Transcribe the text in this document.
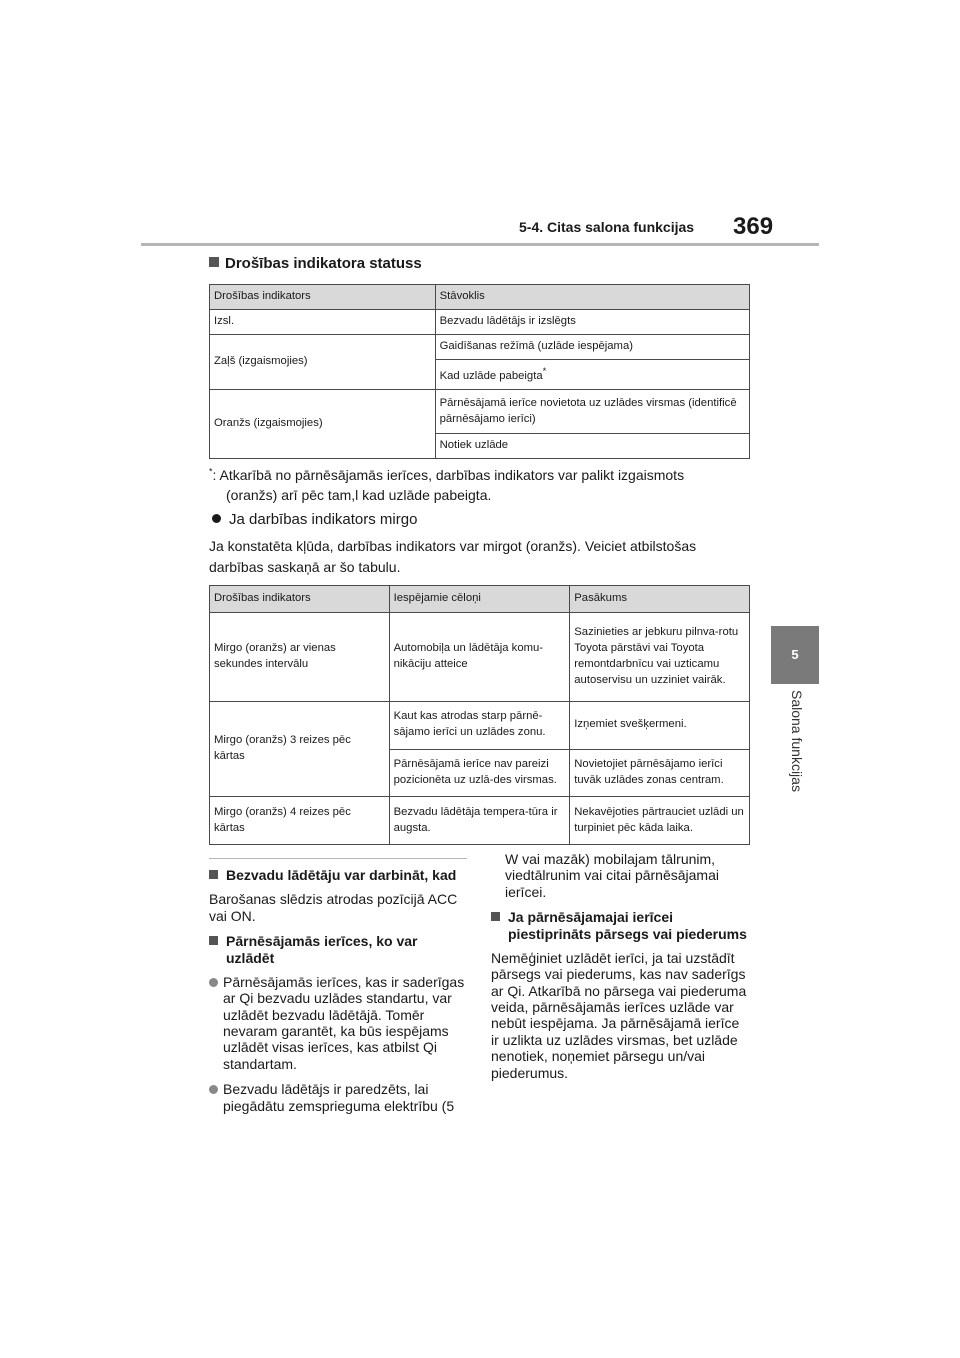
5-4. Citas salona funkcijas 369
5
Salona funkcijas
Drošības indikatora statuss
Drošības indikators	Stāvoklis
Izsl.	Bezvadu lādētājs ir izslēgts
Zaļš (izgaismojies)	Gaidīšanas režīmā (uzlāde iespējama)
	Kad uzlāde pabeigta*
Oranžs (izgaismojies)	Pārnēsājamā ierīce novietota uz uzlādes virsmas (identificē pārnēsājamo ierīci)
	Notiek uzlāde
*: Atkarībā no pārnēsājamās ierīces, darbības indikators var palikt izgaismots
(oranžs) arī pēc tam,l kad uzlāde pabeigta.
Ja darbības indikators mirgo
Ja konstatēta kļūda, darbības indikators var mirgot (oranžs). Veiciet atbilstošas darbības saskaņā ar šo tabulu.
Drošības indikators	Iespējamie cēloņi	Pasākums
Mirgo (oranžs) ar vienas sekundes intervālu	Automobiļa un lādētāja komu-nikāciju atteice	Sazinieties ar jebkuru pilnva-rotu Toyota pārstāvi vai Toyota remontdarbnīcu vai uzticamu autoservisu un uzziniet vairāk.
Mirgo (oranžs) 3 reizes pēc kārtas	Kaut kas atrodas starp pārnē-sājamo ierīci un uzlādes zonu.	Izņemiet svešķermeni.
	Pārnēsājamā ierīce nav pareizi pozicionēta uz uzlā-des virsmas.	Novietojiet pārnēsājamo ierīci tuvāk uzlādes zonas centram.
Mirgo (oranžs) 4 reizes pēc kārtas	Bezvadu lādētāja tempera-tūra ir augsta.	Nekavējoties pārtrauciet uzlādi un turpiniet pēc kāda laika.
Bezvadu lādētāju var darbināt, kad
Barošanas slēdzis atrodas pozīcijā ACC vai ON.
Pārnēsājamās ierīces, ko var uzlādēt
Pārnēsājamās ierīces, kas ir saderīgas ar Qi bezvadu uzlādes standartu, var uzlādēt bezvadu lādētājā. Tomēr nevaram garantēt, ka būs iespējams uzlādēt visas ierīces, kas atbilst Qi standartam.
Bezvadu lādētājs ir paredzēts, lai piegādātu zemsprieguma elektrību (5
W vai mazāk) mobilajam tālrunim, viedtālrunim vai citai pārnēsājamai ierīcei.
Ja pārnēsājamajai ierīcei piestiprināts pārsegs vai piederums
Nemēģiniet uzlādēt ierīci, ja tai uzstādīt pārsegs vai piederums, kas nav saderīgs ar Qi. Atkarībā no pārsega vai piederuma veida, pārnēsājamās ierīces uzlāde var nebūt iespējama. Ja pārnēsājamā ierīce ir uzlikta uz uzlādes virsmas, bet uzlāde nenotiek, noņemiet pārsegu un/vai piederumus.
